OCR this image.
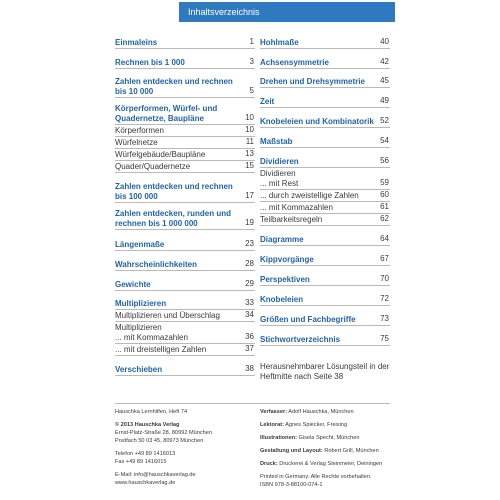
Inhaltsverzeichnis
Einmaleins	1
Rechnen bis 1 000	3
Zahlen entdecken und rechnen
bis 10 000	5
Körperformen, Würfel- und
Quadernetze, Baupläne	10
Körperformen	10
Würfelnetze	11
Würfelgebäude/Baupläne	13
Quader/Quadernetze	15
Zahlen entdecken und rechnen
bis 100 000	17
Zahlen entdecken, runden und
rechnen bis 1 000 000	19
Längenmaße	23
Wahrscheinlichkeiten	28
Gewichte	29
Multiplizieren	33
Multiplizieren und Überschlag	34
Multiplizieren
... mit Kommazahlen	36
... mit dreistelligen Zahlen	37
Verschieben	38
Hohlmaße	40
Achsensymmetrie	42
Drehen und Drehsymmetrie	45
Zeit	49
Knobeleien und Kombinatorik 52
Maßstab	54
Dividieren	56
Dividieren
... mit Rest	59
... durch zweistellige Zahlen	60
... mit Kommazahlen	61
Teilbarkeitsregeln	62
Diagramme	64
Kippvorgänge	67
Perspektiven	70
Knobeleien	72
Größen und Fachbegriffe	73
Stichwortverzeichnis	75
Herausnehmbarer Lösungsteil in der Heftmitte nach Seite 38
Hauschka Lernhilfen, Heft 74
© 2013 Hauschka Verlag
Ernst-Platz-Straße 28, 80992 München
Postfach 50 03 45, 80973 München
Telefon +49 89 1416013
Fax +49 89 1416015
E-Mail: info@hauschkaverlag.de
www.hauschkaverlag.de
Verfasser: Adolf Hauschka, München
Lektorat: Agnes Spiecker, Freising
Illustrationen: Gisela Specht, München
Gestaltung und Layout: Robert Grill, München
Druck: Druckerei & Verlag Steinmeier, Deiningen
Printed in Germany. Alle Rechte vorbehalten.
ISBN 978-3-88100-074-1
